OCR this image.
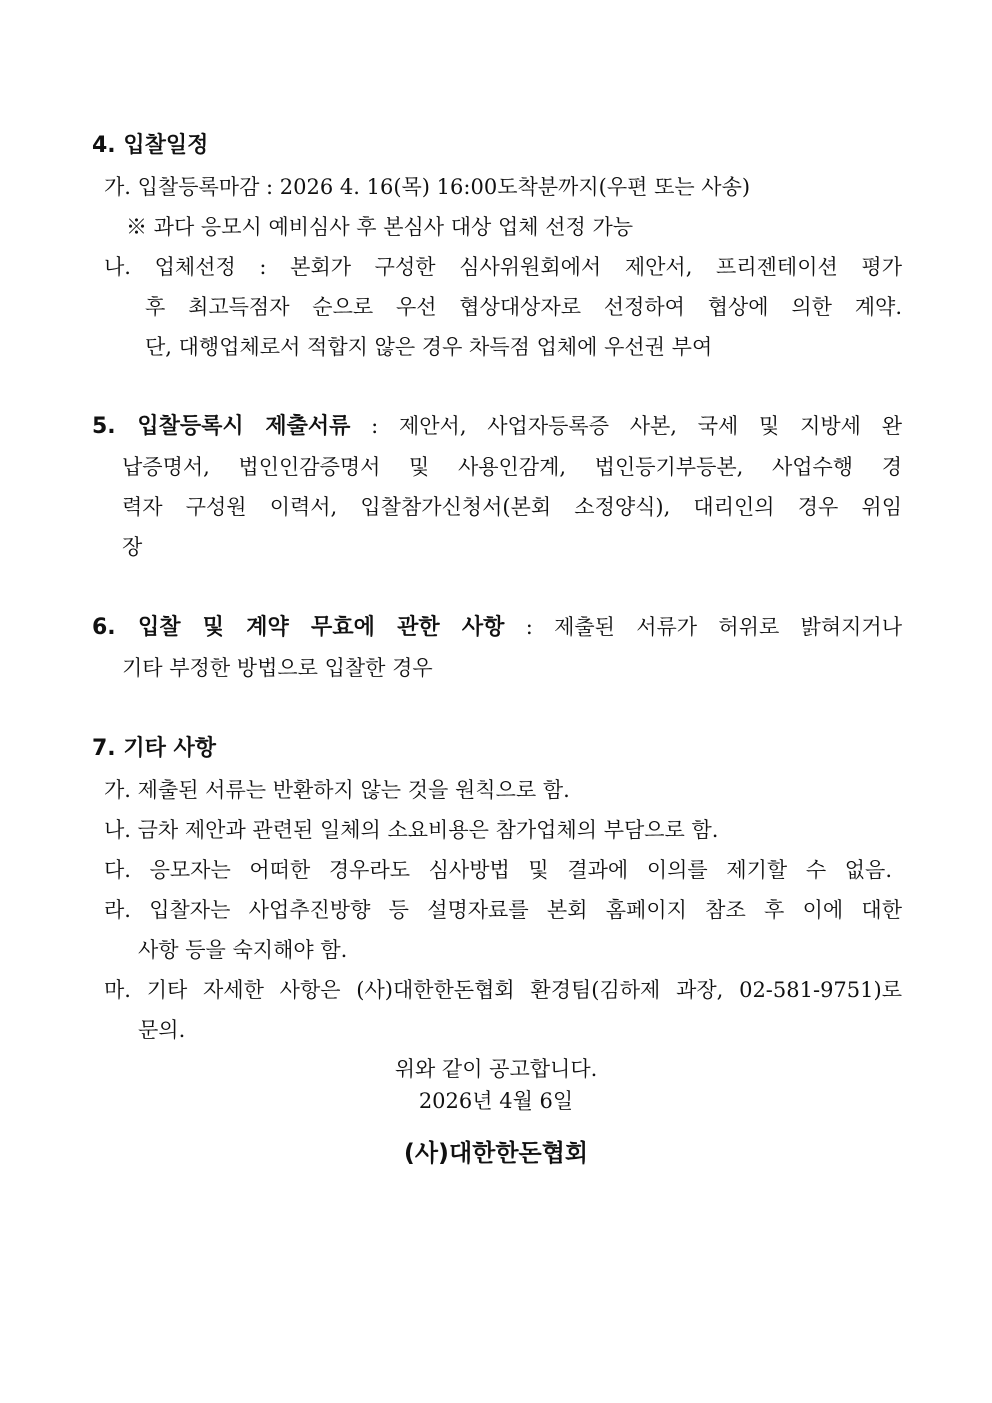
4. 입찰일정
가. 입찰등록마감 : 2026 4. 16(목) 16:00도착분까지(우편 또는 사송)
※ 과다 응모시 예비심사 후 본심사 대상 업체 선정 가능
나. 업체선정 : 본회가 구성한 심사위원회에서 제안서, 프리젠테이션 평가
후 최고득점자 순으로 우선 협상대상자로 선정하여 협상에 의한 계약.
단, 대행업체로서 적합지 않은 경우 차득점 업체에 우선권 부여
5. 입찰등록시 제출서류 : 제안서, 사업자등록증 사본, 국세 및 지방세 완
납증명서, 법인인감증명서 및 사용인감계, 법인등기부등본, 사업수행 경
력자 구성원 이력서, 입찰참가신청서(본회 소정양식), 대리인의 경우 위임
장
6. 입찰 및 계약 무효에 관한 사항 : 제출된 서류가 허위로 밝혀지거나
기타 부정한 방법으로 입찰한 경우
7. 기타 사항
가. 제출된 서류는 반환하지 않는 것을 원칙으로 함.
나. 금차 제안과 관련된 일체의 소요비용은 참가업체의 부담으로 함.
다. 응모자는 어떠한 경우라도 심사방법 및 결과에 이의를 제기할 수 없음.
라. 입찰자는 사업추진방향 등 설명자료를 본회 홈페이지 참조 후 이에 대한
사항 등을 숙지해야 함.
마. 기타 자세한 사항은 (사)대한한돈협회 환경팀(김하제 과장, 02-581-9751)로
문의.
위와 같이 공고합니다.
2026년 4월 6일
(사)대한한돈협회
